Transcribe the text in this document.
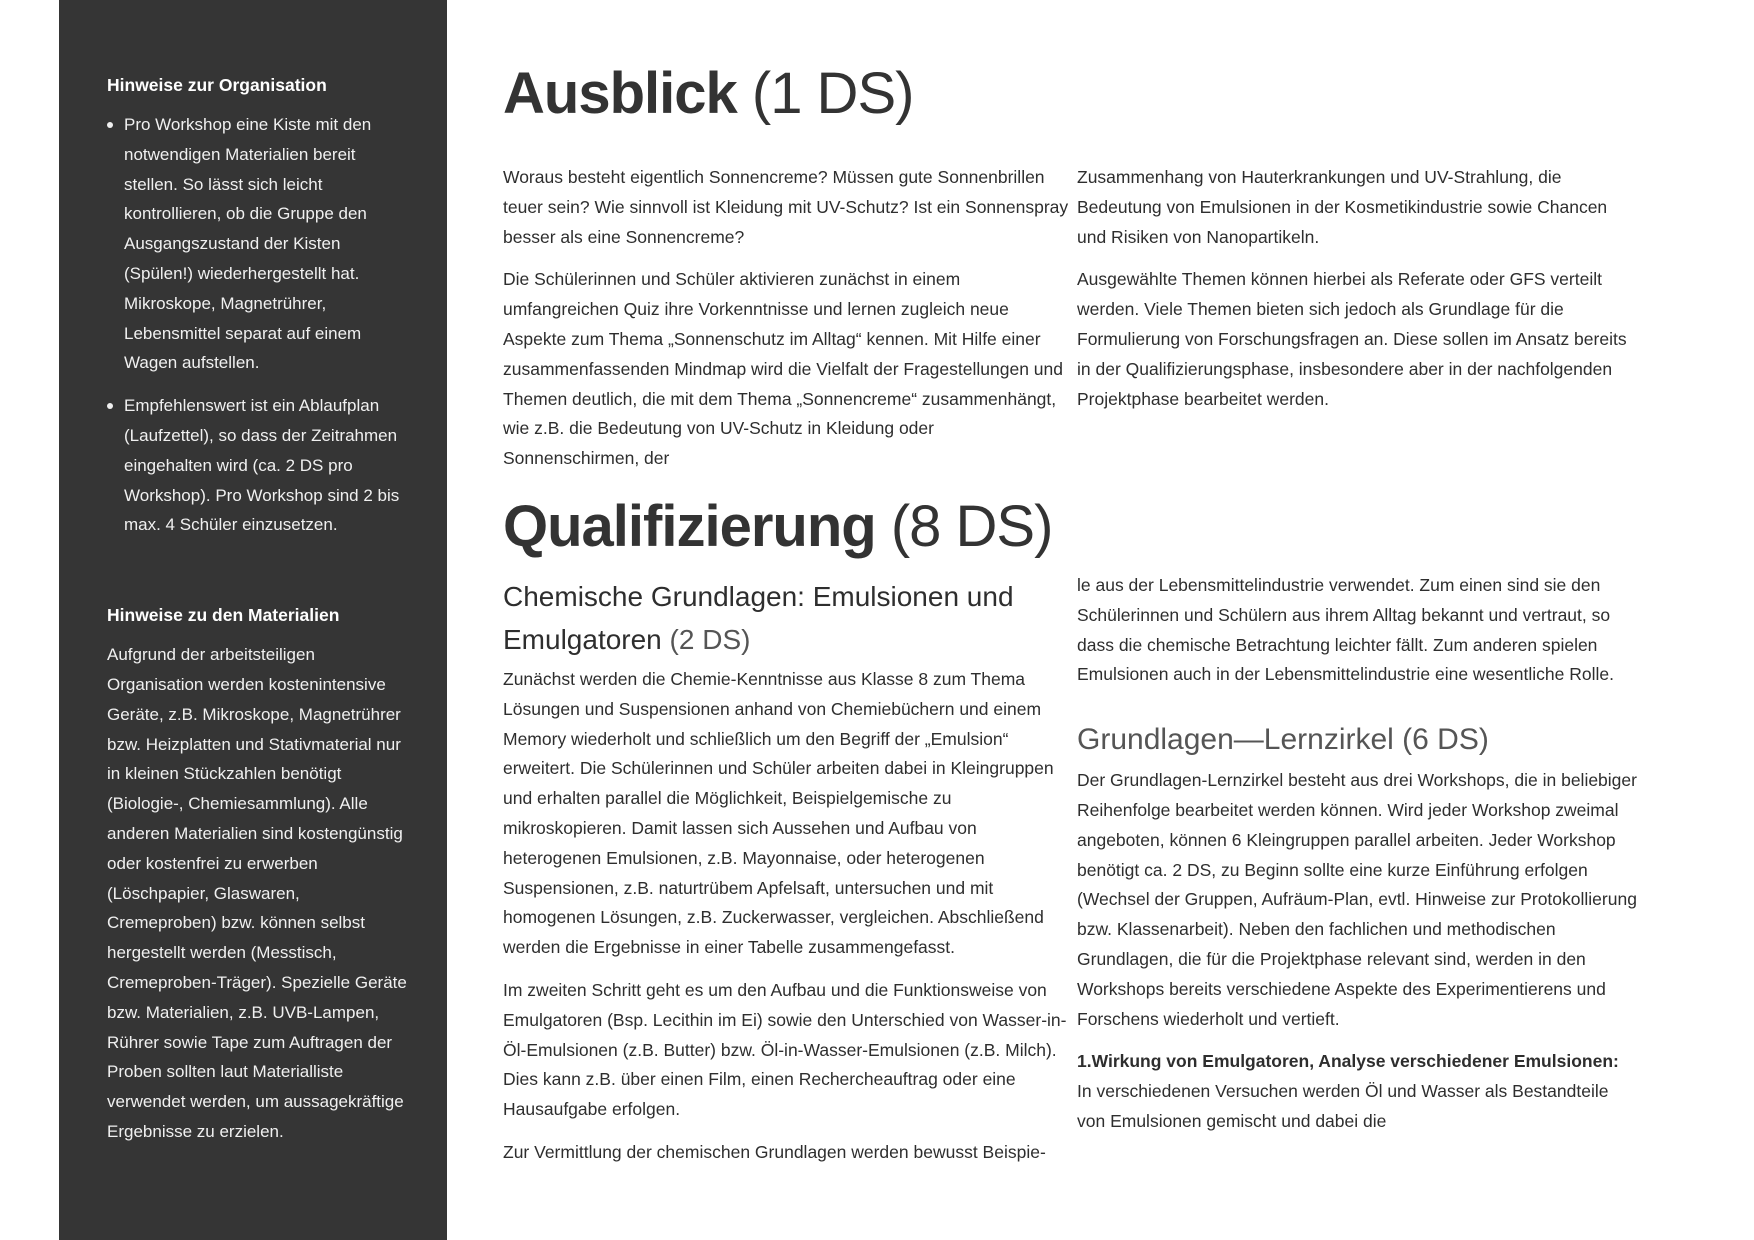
Hinweise zur Organisation
Pro Workshop eine Kiste mit den notwendigen Materialien bereit stellen. So lässt sich leicht kontrollieren, ob die Gruppe den Ausgangszustand der Kisten (Spülen!) wiederhergestellt hat. Mikroskope, Magnetrührer, Lebensmittel separat auf einem Wagen aufstellen.
Empfehlenswert ist ein Ablaufplan (Laufzettel), so dass der Zeitrahmen eingehalten wird (ca. 2 DS pro Workshop). Pro Workshop sind 2 bis max. 4 Schüler einzusetzen.
Hinweise zu den Materialien
Aufgrund der arbeitsteiligen Organisation werden kostenintensive Geräte, z.B. Mikroskope, Magnetrührer bzw. Heizplatten und Stativmaterial nur in kleinen Stückzahlen benötigt (Biologie-, Chemiesammlung). Alle anderen Materialien sind kostengünstig oder kostenfrei zu erwerben (Löschpapier, Glaswaren, Cremeproben) bzw. können selbst hergestellt werden (Messtisch, Cremeproben-Träger). Spezielle Geräte bzw. Materialien, z.B. UVB-Lampen, Rührer sowie Tape zum Auftragen der Proben sollten laut Materialliste verwendet werden, um aussagekräftige Ergebnisse zu erzielen.
Ausblick (1 DS)

Woraus besteht eigentlich Sonnencreme? Müssen gute Sonnenbrillen teuer sein? Wie sinnvoll ist Kleidung mit UV-Schutz? Ist ein Sonnenspray besser als eine Sonnencreme?

Die Schülerinnen und Schüler aktivieren zunächst in einem umfangreichen Quiz ihre Vorkenntnisse und lernen zugleich neue Aspekte zum Thema „Sonnenschutz im Alltag“ kennen. Mit Hilfe einer zusammenfassenden Mindmap wird die Vielfalt der Fragestellungen und Themen deutlich, die mit dem Thema „Sonnencreme“ zusammenhängt, wie z.B. die Bedeutung von UV-Schutz in Kleidung oder Sonnenschirmen, der

Zusammenhang von Hauterkrankungen und UV-Strahlung, die Bedeutung von Emulsionen in der Kosmetikindustrie sowie Chancen und Risiken von Nanopartikeln.

Ausgewählte Themen können hierbei als Referate oder GFS verteilt werden. Viele Themen bieten sich jedoch als Grundlage für die Formulierung von Forschungsfragen an. Diese sollen im Ansatz bereits in der Qualifizierungsphase, insbesondere aber in der nachfolgenden Projektphase bearbeitet werden.

Qualifizierung (8 DS)
Chemische Grundlagen: Emulsionen und Emulgatoren (2 DS)

Zunächst werden die Chemie-Kenntnisse aus Klasse 8 zum Thema Lösungen und Suspensionen anhand von Chemiebüchern und einem Memory wiederholt und schließlich um den Begriff der „Emulsion“ erweitert. Die Schülerinnen und Schüler arbeiten dabei in Kleingruppen und erhalten parallel die Möglichkeit, Beispielgemische zu mikroskopieren. Damit lassen sich Aussehen und Aufbau von heterogenen Emulsionen, z.B. Mayonnaise, oder heterogenen Suspensionen, z.B. naturtrübem Apfelsaft, untersuchen und mit homogenen Lösungen, z.B. Zuckerwasser, vergleichen. Abschließend werden die Ergebnisse in einer Tabelle zusammengefasst.

Im zweiten Schritt geht es um den Aufbau und die Funktionsweise von Emulgatoren (Bsp. Lecithin im Ei) sowie den Unterschied von Wasser-in-Öl-Emulsionen (z.B. Butter) bzw. Öl-in-Wasser-Emulsionen (z.B. Milch). Dies kann z.B. über einen Film, einen Rechercheauftrag oder eine Hausaufgabe erfolgen.

Zur Vermittlung der chemischen Grundlagen werden bewusst Beispie-

le aus der Lebensmittelindustrie verwendet. Zum einen sind sie den Schülerinnen und Schülern aus ihrem Alltag bekannt und vertraut, so dass die chemische Betrachtung leichter fällt. Zum anderen spielen Emulsionen auch in der Lebensmittelindustrie eine wesentliche Rolle.

Grundlagen—Lernzirkel (6 DS)

Der Grundlagen-Lernzirkel besteht aus drei Workshops, die in beliebiger Reihenfolge bearbeitet werden können. Wird jeder Workshop zweimal angeboten, können 6 Kleingruppen parallel arbeiten. Jeder Workshop benötigt ca. 2 DS, zu Beginn sollte eine kurze Einführung erfolgen (Wechsel der Gruppen, Aufräum-Plan, evtl. Hinweise zur Protokollierung bzw. Klassenarbeit). Neben den fachlichen und methodischen Grundlagen, die für die Projektphase relevant sind, werden in den Workshops bereits verschiedene Aspekte des Experimentierens und Forschens wiederholt und vertieft.

1.Wirkung von Emulgatoren, Analyse verschiedener Emulsionen:
In verschiedenen Versuchen werden Öl und Wasser als Bestandteile von Emulsionen gemischt und dabei die
